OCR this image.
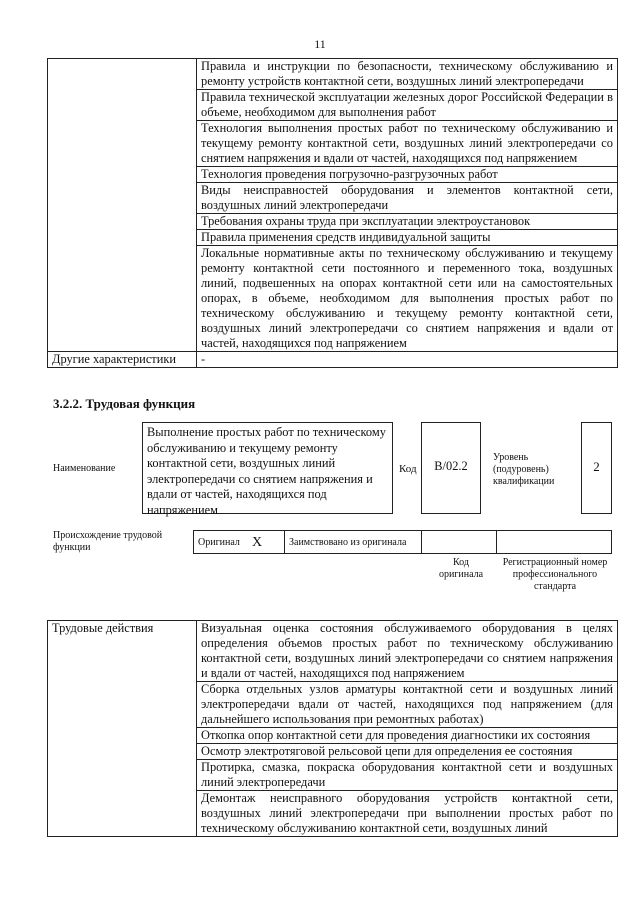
11
	Правила и инструкции по безопасности, техническому обслуживанию и ремонту устройств контактной сети, воздушных линий электропередачи
	Правила технической эксплуатации железных дорог Российской Федерации в объеме, необходимом для выполнения работ
	Технология выполнения простых работ по техническому обслуживанию и текущему ремонту контактной сети, воздушных линий электропередачи со снятием напряжения и вдали от частей, находящихся под напряжением
	Технология проведения погрузочно-разгрузочных работ
	Виды неисправностей оборудования и элементов контактной сети, воздушных линий электропередачи
	Требования охраны труда при эксплуатации электроустановок
	Правила применения средств индивидуальной защиты
	Локальные нормативные акты по техническому обслуживанию и текущему ремонту контактной сети постоянного и переменного тока, воздушных линий, подвешенных на опорах контактной сети или на самостоятельных опорах, в объеме, необходимом для выполнения простых работ по техническому обслуживанию и текущему ремонту контактной сети, воздушных линий электропередачи со снятием напряжения и вдали от частей, находящихся под напряжением
Другие характеристики	-
3.2.2. Трудовая функция
Наименование
Выполнение простых работ по техническому обслуживанию и текущему ремонту контактной сети, воздушных линий электропередачи со снятием напряжения и вдали от частей, находящихся под напряжением
Код	B/02.2
Уровень (подуровень) квалификации
2
Происхождение трудовой функции	Оригинал	X	Заимствовано из оригинала		
Код оригинала
Регистрационный номер профессионального стандарта
Трудовые действия	Визуальная оценка состояния обслуживаемого оборудования в целях определения объемов простых работ по техническому обслуживанию контактной сети, воздушных линий электропередачи со снятием напряжения и вдали от частей, находящихся под напряжением
Сборка отдельных узлов арматуры контактной сети и воздушных линий электропередачи вдали от частей, находящихся под напряжением (для дальнейшего использования при ремонтных работах)
Откопка опор контактной сети для проведения диагностики их состояния
Осмотр электротяговой рельсовой цепи для определения ее состояния
Протирка, смазка, покраска оборудования контактной сети и воздушных линий электропередачи
Демонтаж неисправного оборудования устройств контактной сети, воздушных линий электропередачи при выполнении простых работ по техническому обслуживанию контактной сети, воздушных линий
